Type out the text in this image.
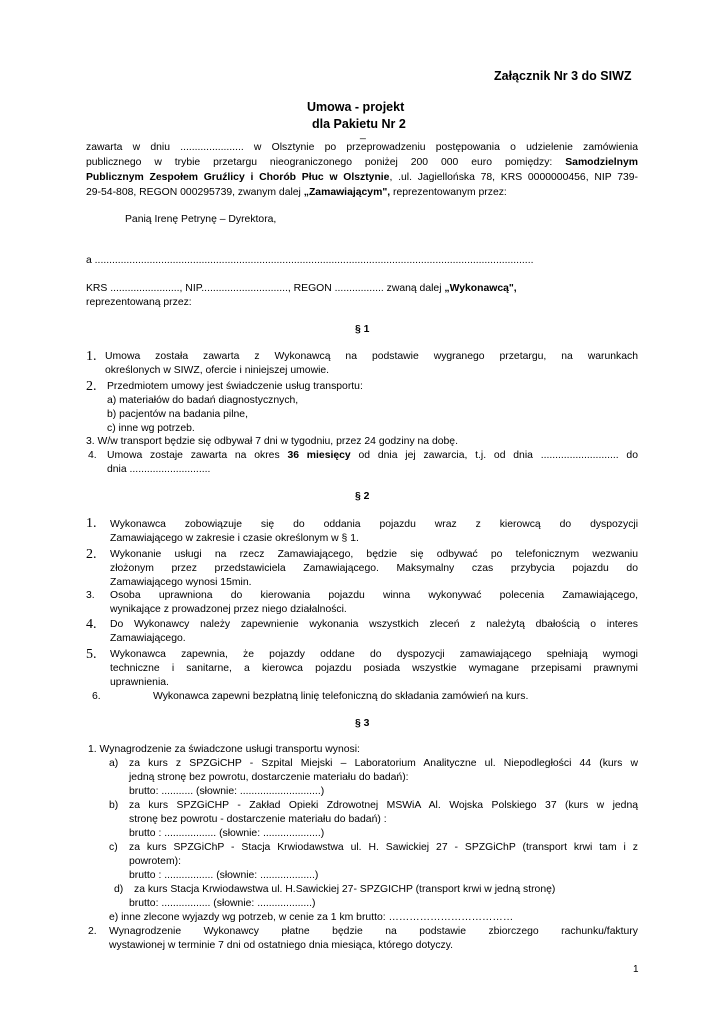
Załącznik Nr 3 do SIWZ
Umowa - projekt
dla Pakietu Nr 2
_
zawarta w dniu ...................... w Olsztynie po przeprowadzeniu postępowania o udzielenie zamówienia
publicznego w trybie przetargu nieograniczonego poniżej 200 000 euro pomiędzy: Samodzielnym
Publicznym Zespołem Gruźlicy i Chorób Płuc w Olsztynie, .ul. Jagiellońska 78, KRS 0000000456, NIP 739-
29-54-808, REGON 000295739, zwanym dalej „Zamawiającym", reprezentowanym przez:
Panią Irenę Petrynę – Dyrektora,
a ........................................................................................................................................................
KRS ........................, NIP.............................., REGON ................. zwaną dalej „Wykonawcą",
reprezentowaną przez:
§ 1
1. Umowa została zawarta z Wykonawcą na podstawie wygranego przetargu, na warunkach
określonych w SIWZ, ofercie i niniejszej umowie.
2. Przedmiotem umowy jest świadczenie usług transportu:
a) materiałów do badań diagnostycznych,
b) pacjentów na badania pilne,
c) inne wg potrzeb.
3. W/w transport będzie się odbywał 7 dni w tygodniu, przez 24 godziny na dobę.
4. Umowa zostaje zawarta na okres 36 miesięcy od dnia jej zawarcia, t.j. od dnia ........................... do
dnia ............................
§ 2
1. Wykonawca zobowiązuje się do oddania pojazdu wraz z kierowcą do dyspozycji
Zamawiającego w zakresie i czasie określonym w § 1.
2. Wykonanie usługi na rzecz Zamawiającego, będzie się odbywać po telefonicznym wezwaniu
złożonym przez przedstawiciela Zamawiającego. Maksymalny czas przybycia pojazdu do
Zamawiającego wynosi 15min.
3. Osoba uprawniona do kierowania pojazdu winna wykonywać polecenia Zamawiającego,
wynikające z prowadzonej przez niego działalności.
4. Do Wykonawcy należy zapewnienie wykonania wszystkich zleceń z należytą dbałością o interes
Zamawiającego.
5. Wykonawca zapewnia, że pojazdy oddane do dyspozycji zamawiającego spełniają wymogi
techniczne i sanitarne, a kierowca pojazdu posiada wszystkie wymagane przepisami prawnymi
uprawnienia.
6.	Wykonawca zapewni bezpłatną linię telefoniczną do składania zamówień na kurs.
§ 3
1. Wynagrodzenie za świadczone usługi transportu wynosi:
a) za kurs z SPZGiCHP - Szpital Miejski – Laboratorium Analityczne ul. Niepodległości 44 (kurs w
jedną stronę bez powrotu, dostarczenie materiału do badań):
brutto: ........... (słownie: ............................)
b) za kurs SPZGiCHP - Zakład Opieki Zdrowotnej MSWiA Al. Wojska Polskiego 37 (kurs w jedną
stronę bez powrotu - dostarczenie materiału do badań) :
brutto : .................. (słownie: ....................)
c) za kurs SPZGiChP - Stacja Krwiodawstwa ul. H. Sawickiej 27 - SPZGiChP (transport krwi tam i z
powrotem):
brutto : ................. (słownie: ...................)
d) za kurs Stacja Krwiodawstwa ul. H.Sawickiej 27- SPZGICHP (transport krwi w jedną stronę)
brutto: ................. (słownie: ...................)
e) inne zlecone wyjazdy wg potrzeb, w cenie za 1 km brutto: ………………………………
2. Wynagrodzenie Wykonawcy płatne będzie na podstawie zbiorczego rachunku/faktury
wystawionej w terminie 7 dni od ostatniego dnia miesiąca, którego dotyczy.
1
